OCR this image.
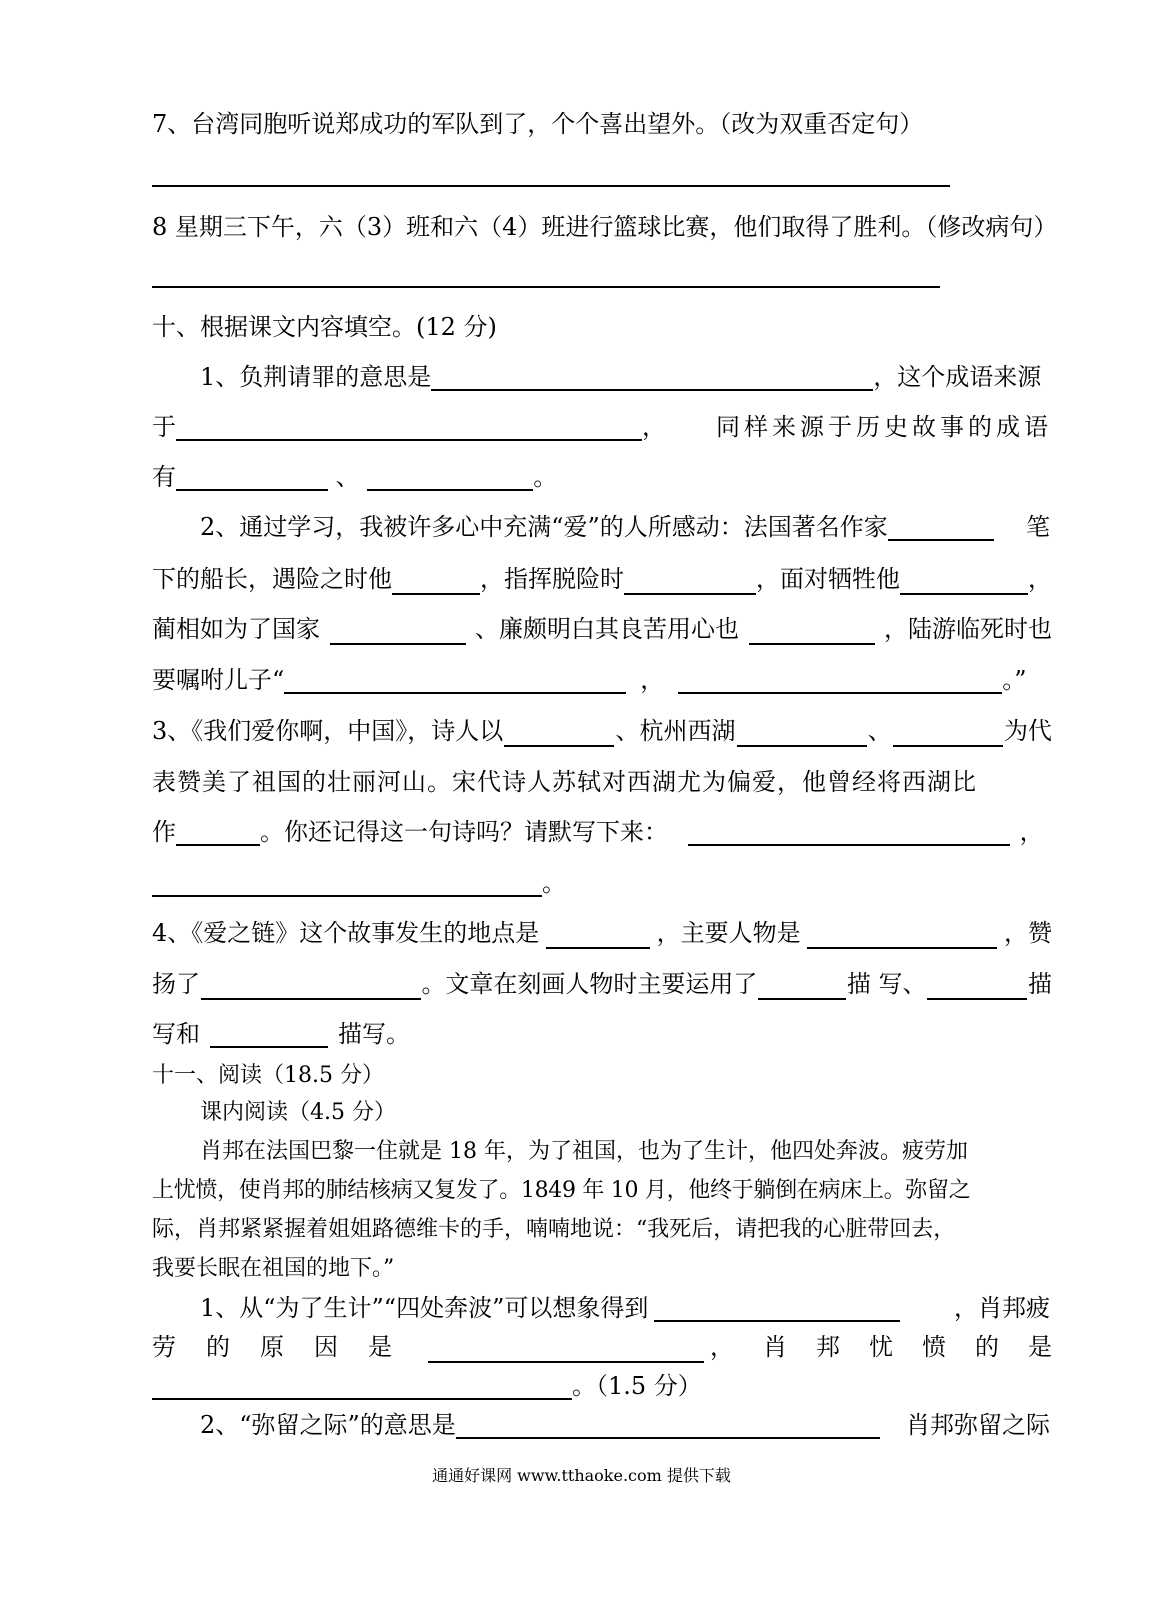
7、台湾同胞听说郑成功的军队到了，个个喜出望外。（改为双重否定句）
8 星期三下午，六（3）班和六（4）班进行篮球比赛，他们取得了胜利。（修改病句）
十、根据课文内容填空。(12 分)
1、负荆请罪的意思是	，这个成语来源
于	， 同样来源于历史故事的成语
有	、	。
2、通过学习，我被许多心中充满“爱”的人所感动：法国著名作家	笔
下的船长，遇险之时他	，指挥脱险时	，面对牺牲他	，
蔺相如为了国家	、廉颇明白其良苦用心也	，陆游临死时也
要嘱咐儿子“	，	。”
3、《我们爱你啊，中国》，诗人以	、杭州西湖	、	为代
表赞美了祖国的壮丽河山。宋代诗人苏轼对西湖尤为偏爱，他曾经将西湖比
作	。你还记得这一句诗吗？请默写下来：	，
。
4、《爱之链》这个故事发生的地点是	，主要人物是	，赞
扬了	。文章在刻画人物时主要运用了	描 写、	描
写和	描写。
十一、阅读（18.5 分）
课内阅读（4.5 分）
肖邦在法国巴黎一住就是 18 年，为了祖国，也为了生计，他四处奔波。疲劳加
上忧愤，使肖邦的肺结核病又复发了。1849 年 10 月，他终于躺倒在病床上。弥留之
际，肖邦紧紧握着姐姐路德维卡的手，喃喃地说：“我死后，请把我的心脏带回去，
我要长眠在祖国的地下。”
1、从“为了生计”“四处奔波”可以想象得到	，肖邦疲
劳 的 原 因 是	， 肖 邦 忧 愤 的 是
。（1.5 分）
2、“弥留之际”的意思是	肖邦弥留之际
通通好课网 www.tthaoke.com 提供下载
